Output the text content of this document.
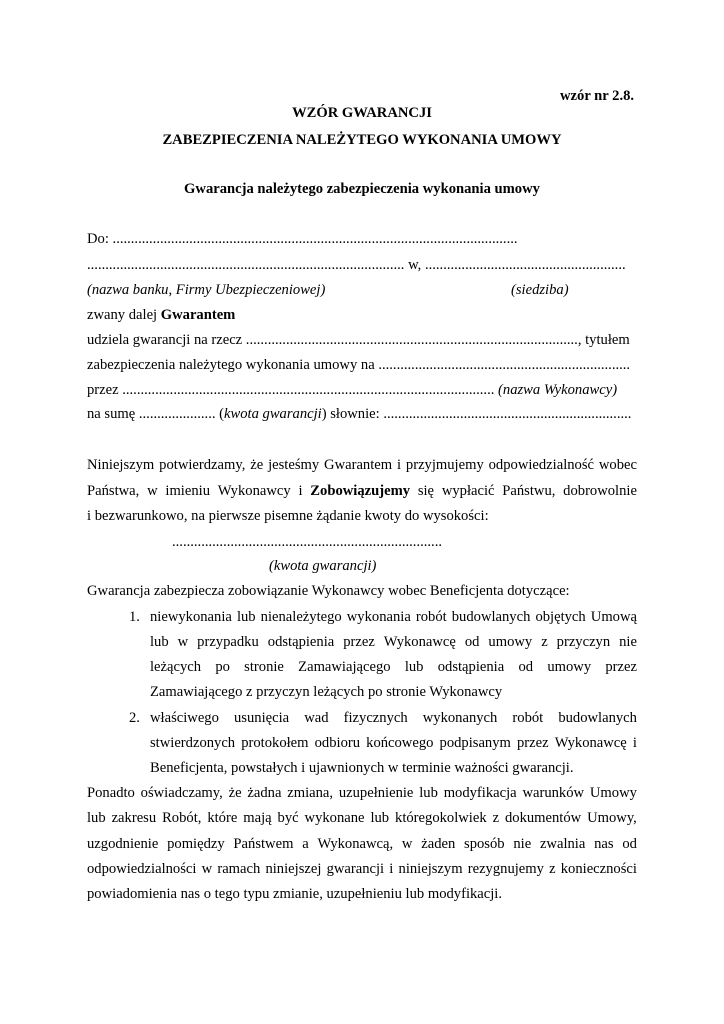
wzór nr 2.8.
WZÓR GWARANCJI
ZABEZPIECZENIA NALEŻYTEGO WYKONANIA UMOWY
Gwarancja należytego zabezpieczenia wykonania umowy
Do: ...............................................................................................................
....................................................................................... w, .......................................................
(nazwa banku, Firmy Ubezpieczeniowej)	(siedziba)
zwany dalej Gwarantem
udziela gwarancji na rzecz ..........................................................................................., tytułem
zabezpieczenia należytego wykonania umowy na .....................................................................
przez ...................................................................................................... (nazwa Wykonawcy)
na sumę ..................... (kwota gwarancji) słownie: ....................................................................
Niniejszym potwierdzamy, że jesteśmy Gwarantem i przyjmujemy odpowiedzialność wobec
Państwa, w imieniu Wykonawcy i Zobowiązujemy się wypłacić Państwu, dobrowolnie
i bezwarunkowo, na pierwsze pisemne żądanie kwoty do wysokości:
..........................................................................
(kwota gwarancji)
Gwarancja zabezpiecza zobowiązanie Wykonawcy wobec Beneficjenta dotyczące:
1. niewykonania lub nienależytego wykonania robót budowlanych objętych Umową
lub w przypadku odstąpienia przez Wykonawcę od umowy z przyczyn nie
leżących po stronie Zamawiającego lub odstąpienia od umowy przez
Zamawiającego z przyczyn leżących po stronie Wykonawcy
2. właściwego usunięcia wad fizycznych wykonanych robót budowlanych
stwierdzonych protokołem odbioru końcowego podpisanym przez Wykonawcę i
Beneficjenta, powstałych i ujawnionych w terminie ważności gwarancji.
Ponadto oświadczamy, że żadna zmiana, uzupełnienie lub modyfikacja warunków Umowy
lub zakresu Robót, które mają być wykonane lub któregokolwiek z dokumentów Umowy,
uzgodnienie pomiędzy Państwem a Wykonawcą, w żaden sposób nie zwalnia nas od
odpowiedzialności w ramach niniejszej gwarancji i niniejszym rezygnujemy z konieczności
powiadomienia nas o tego typu zmianie, uzupełnieniu lub modyfikacji.
